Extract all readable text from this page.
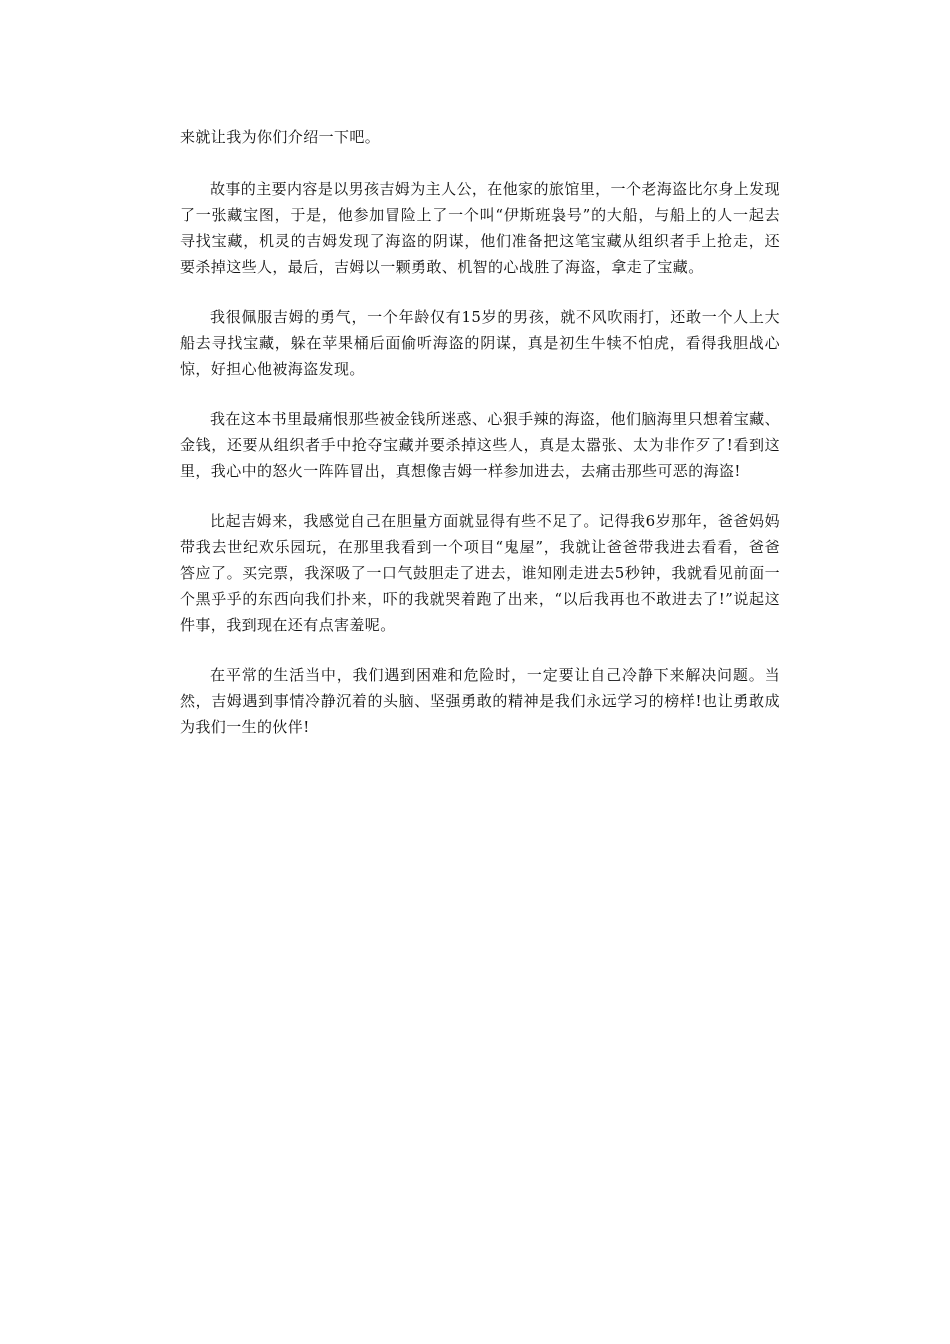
来就让我为你们介绍一下吧。

故事的主要内容是以男孩吉姆为主人公，在他家的旅馆里，一个老海盗比尔身上发现了一张藏宝图，于是，他参加冒险上了一个叫“伊斯班袅号”的大船，与船上的人一起去寻找宝藏，机灵的吉姆发现了海盗的阴谋，他们准备把这笔宝藏从组织者手上抢走，还要杀掉这些人，最后，吉姆以一颗勇敢、机智的心战胜了海盗，拿走了宝藏。

我很佩服吉姆的勇气，一个年龄仅有15岁的男孩，就不风吹雨打，还敢一个人上大船去寻找宝藏，躲在苹果桶后面偷听海盗的阴谋，真是初生牛犊不怕虎，看得我胆战心惊，好担心他被海盗发现。

我在这本书里最痛恨那些被金钱所迷惑、心狠手辣的海盗，他们脑海里只想着宝藏、金钱，还要从组织者手中抢夺宝藏并要杀掉这些人，真是太嚣张、太为非作歹了!看到这里，我心中的怒火一阵阵冒出，真想像吉姆一样参加进去，去痛击那些可恶的海盗!

比起吉姆来，我感觉自己在胆量方面就显得有些不足了。记得我6岁那年，爸爸妈妈带我去世纪欢乐园玩，在那里我看到一个项目“鬼屋”，我就让爸爸带我进去看看，爸爸答应了。买完票，我深吸了一口气鼓胆走了进去，谁知刚走进去5秒钟，我就看见前面一个黑乎乎的东西向我们扑来，吓的我就哭着跑了出来，“以后我再也不敢进去了!”说起这件事，我到现在还有点害羞呢。

在平常的生活当中，我们遇到困难和危险时，一定要让自己冷静下来解决问题。当然，吉姆遇到事情冷静沉着的头脑、坚强勇敢的精神是我们永远学习的榜样!也让勇敢成为我们一生的伙伴!
